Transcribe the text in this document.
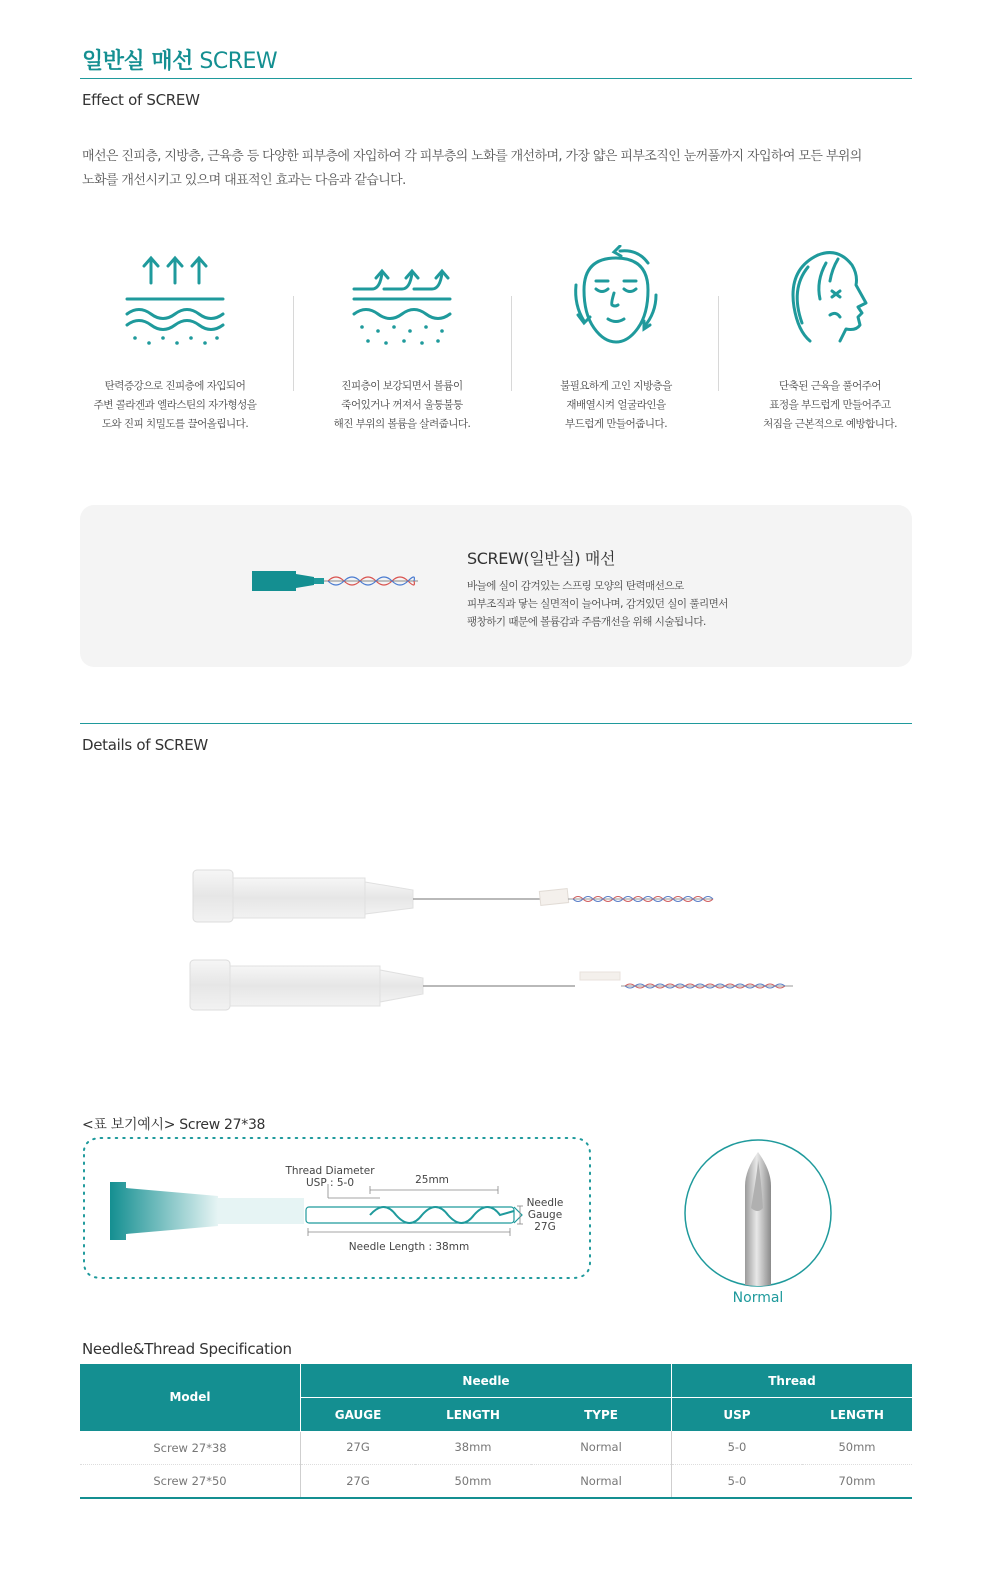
일반실 매선 SCREW
Effect of SCREW

매선은 진피층, 지방층, 근육층 등 다양한 피부층에 자입하여 각 피부층의 노화를 개선하며, 가장 얇은 피부조직인 눈꺼풀까지 자입하여 모든 부위의

노화를 개선시키고 있으며 대표적인 효과는 다음과 같습니다.

탄력증강으로 진피층에 자입되어
주변 콜라겐과 엘라스틴의 자가형성을
도와 진피 치밀도를 끌어올립니다.
진피층이 보강되면서 볼륨이
죽어있거나 꺼져서 울퉁불퉁
해진 부위의 볼륨을 살려줍니다.
불필요하게 고인 지방층을
재배열시켜 얼굴라인을
부드럽게 만들어줍니다.
단축된 근육을 풀어주어
표정을 부드럽게 만들어주고
처짐을 근본적으로 예방합니다.
SCREW(일반실) 매선
바늘에 실이 감겨있는 스프링 모양의 탄력매선으로
피부조직과 닿는 실면적이 늘어나며, 감겨있던 실이 풀리면서
팽창하기 때문에 볼륨감과 주름개선을 위해 시술됩니다.
Details of SCREW
<표 보기예시> Screw 27*38
Thread Diameter
USP : 5-0	25mm
Needle
Gauge
27G
Needle Length : 38mm
Normal
Needle&Thread Specification
Model	Needle			Thread	
	GAUGE	LENGTH	TYPE	USP	LENGTH
Screw 27*38	27G	38mm	Normal	5-0	50mm
Screw 27*50	27G	50mm	Normal	5-0	70mm
